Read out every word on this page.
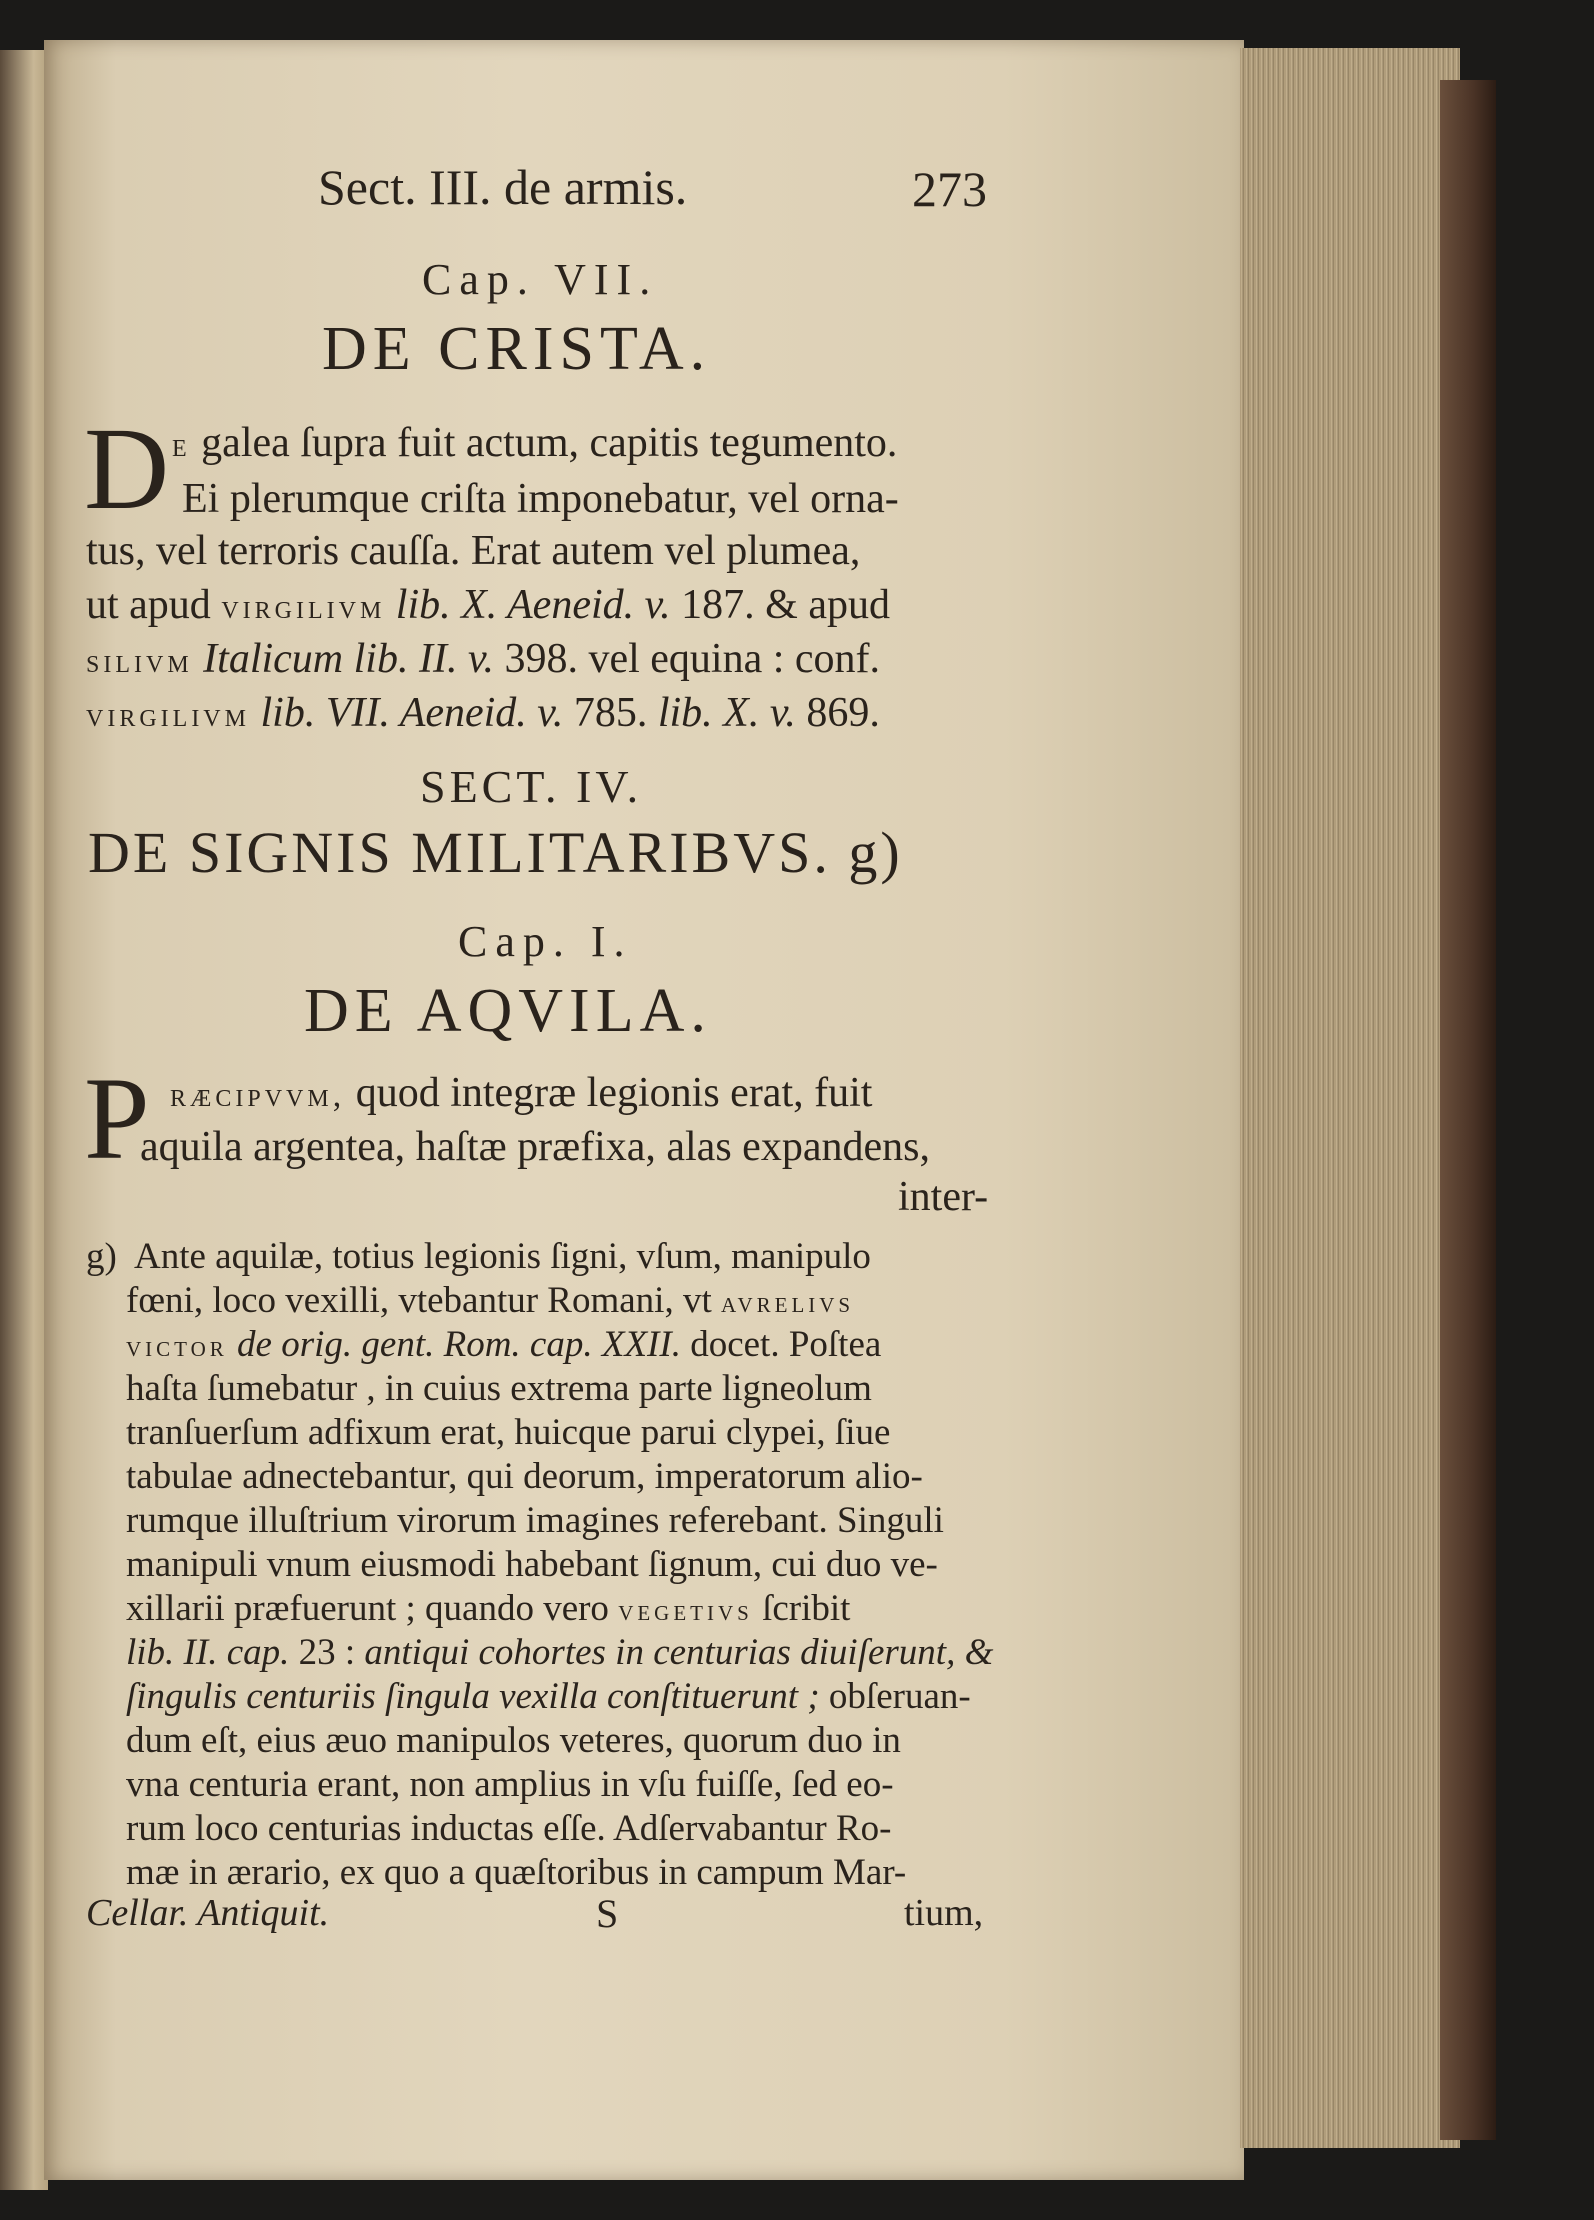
Sect. III. de armis.	273
Cap. VII.
DE CRISTA.
D e galea ſupra fuit actum, capitis tegumento.
Ei plerumque criſta imponebatur, vel orna-
tus, vel terroris cauſſa. Erat autem vel plumea,
ut apud virgilivm lib. X. Aeneid. v. 187. & apud
silivm Italicum lib. II. v. 398. vel equina : conf.
virgilivm lib. VII. Aeneid. v. 785. lib. X. v. 869.
SECT. IV.
DE SIGNIS MILITARIBVS. g)
Cap. I.
DE AQVILA.
P ræcipvvm, quod integræ legionis erat, fuit
aquila argentea, haſtæ præfixa, alas expandens,
inter-
g) Ante aquilæ, totius legionis ſigni, vſum, manipulo
fœni, loco vexilli, vtebantur Romani, vt avrelivs
victor de orig. gent. Rom. cap. XXII. docet. Poſtea
haſta ſumebatur , in cuius extrema parte ligneolum
tranſuerſum adfixum erat, huicque parui clypei, ſiue
tabulae adnectebantur, qui deorum, imperatorum alio-
rumque illuſtrium virorum imagines referebant. Singuli
manipuli vnum eiusmodi habebant ſignum, cui duo ve-
xillarii præfuerunt ; quando vero vegetivs ſcribit
lib. II. cap. 23 : antiqui cohortes in centurias diuiſerunt, &
ſingulis centuriis ſingula vexilla conſtituerunt ; obſeruan-
dum eſt, eius æuo manipulos veteres, quorum duo in
vna centuria erant, non amplius in vſu fuiſſe, ſed eo-
rum loco centurias inductas eſſe. Adſervabantur Ro-
mæ in ærario, ex quo a quæſtoribus in campum Mar-
Cellar. Antiquit.	S	tium,
